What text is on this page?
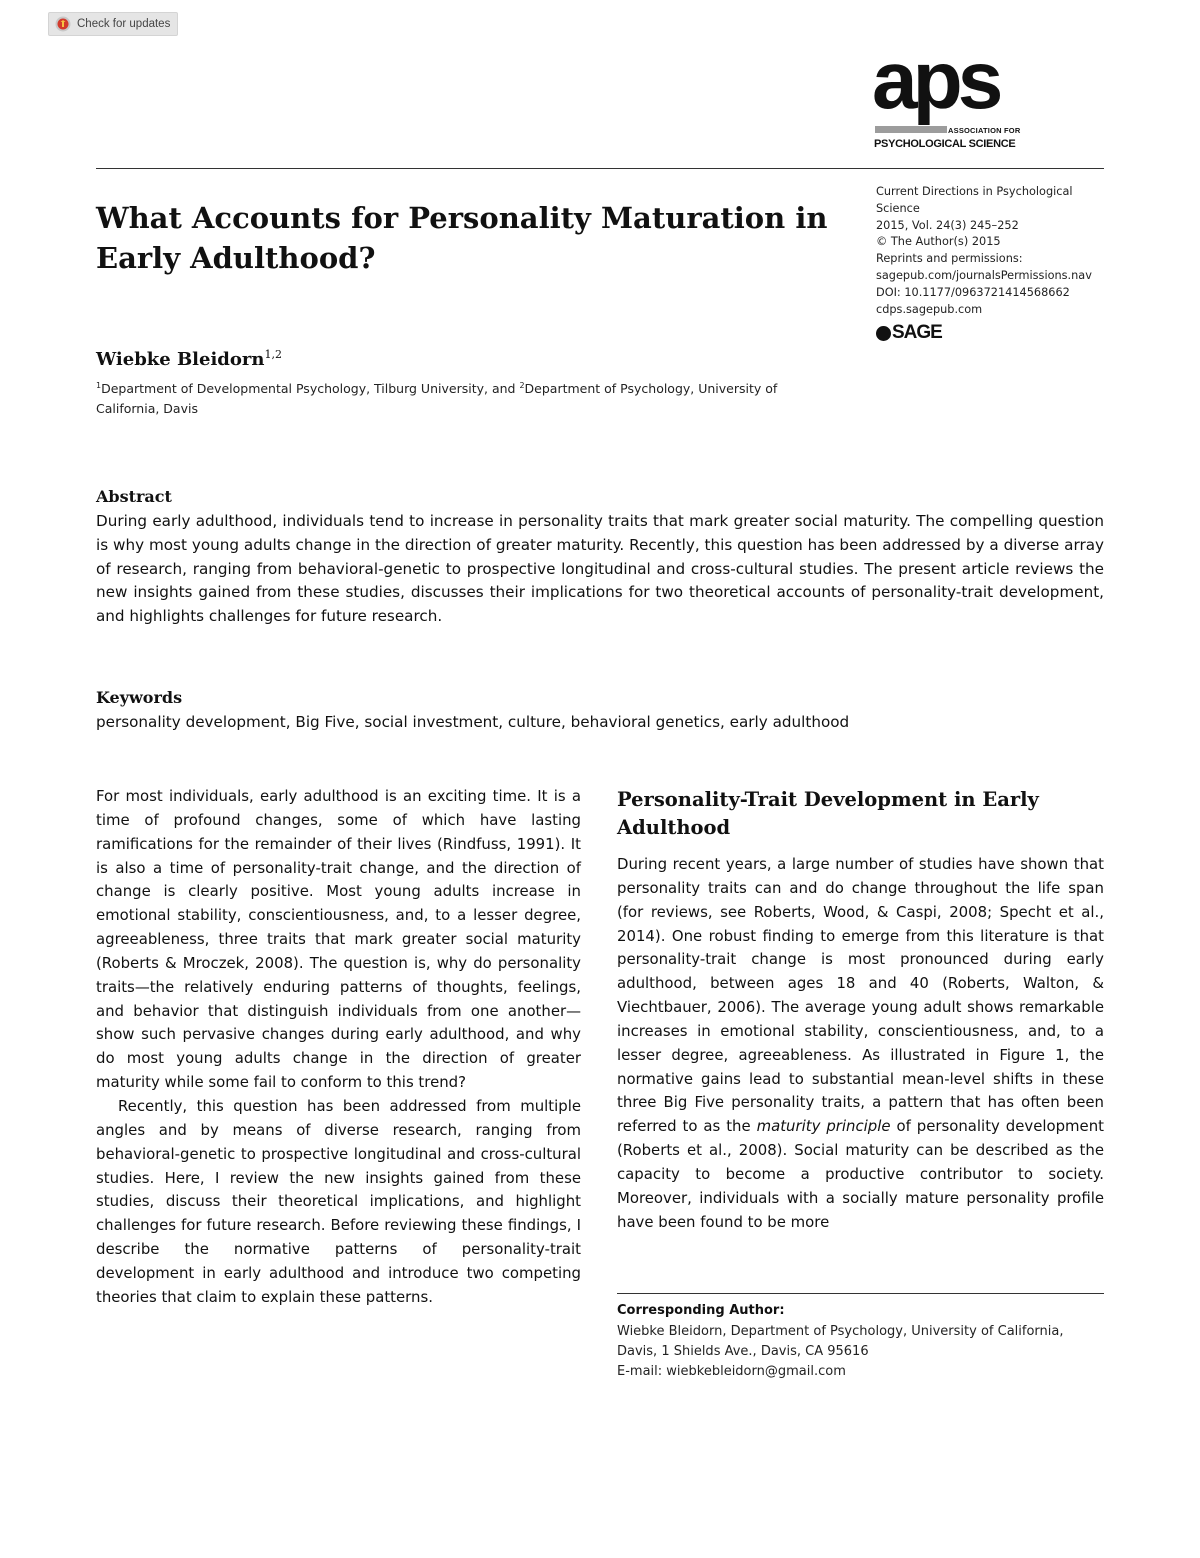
Check for updates
aps
ASSOCIATION FOR
PSYCHOLOGICAL SCIENCE
What Accounts for Personality Maturation in Early Adulthood?
Current Directions in Psychological Science
2015, Vol. 24(3) 245–252
© The Author(s) 2015
Reprints and permissions:
sagepub.com/journalsPermissions.nav
DOI: 10.1177/0963721414568662
cdps.sagepub.com
SAGE
Wiebke Bleidorn$^{1,2}$
$^1$Department of Developmental Psychology, Tilburg University, and $^2$Department of Psychology, University of California, Davis
Abstract
During early adulthood, individuals tend to increase in personality traits that mark greater social maturity. The compelling question is why most young adults change in the direction of greater maturity. Recently, this question has been addressed by a diverse array of research, ranging from behavioral-genetic to prospective longitudinal and cross-cultural studies. The present article reviews the new insights gained from these studies, discusses their implications for two theoretical accounts of personality-trait development, and highlights challenges for future research.
Keywords
personality development, Big Five, social investment, culture, behavioral genetics, early adulthood

For most individuals, early adulthood is an exciting time. It is a time of profound changes, some of which have lasting ramifications for the remainder of their lives (Rindfuss, 1991). It is also a time of personality-trait change, and the direction of change is clearly positive. Most young adults increase in emotional stability, conscientiousness, and, to a lesser degree, agreeableness, three traits that mark greater social maturity (Roberts & Mroczek, 2008). The question is, why do personality traits—the relatively enduring patterns of thoughts, feelings, and behavior that distinguish individuals from one another—show such pervasive changes during early adulthood, and why do most young adults change in the direction of greater maturity while some fail to conform to this trend?

Recently, this question has been addressed from multiple angles and by means of diverse research, ranging from behavioral-genetic to prospective longitudinal and cross-cultural studies. Here, I review the new insights gained from these studies, discuss their theoretical implications, and highlight challenges for future research. Before reviewing these findings, I describe the normative patterns of personality-trait development in early adulthood and introduce two competing theories that claim to explain these patterns.

Personality-Trait Development in Early Adulthood

During recent years, a large number of studies have shown that personality traits can and do change throughout the life span (for reviews, see Roberts, Wood, & Caspi, 2008; Specht et al., 2014). One robust finding to emerge from this literature is that personality-trait change is most pronounced during early adulthood, between ages 18 and 40 (Roberts, Walton, & Viechtbauer, 2006). The average young adult shows remarkable increases in emotional stability, conscientiousness, and, to a lesser degree, agreeableness. As illustrated in Figure 1, the normative gains lead to substantial mean-level shifts in these three Big Five personality traits, a pattern that has often been referred to as the maturity principle of personality development (Roberts et al., 2008). Social maturity can be described as the capacity to become a productive contributor to society. Moreover, individuals with a socially mature personality profile have been found to be more

Corresponding Author:
Wiebke Bleidorn, Department of Psychology, University of California,
Davis, 1 Shields Ave., Davis, CA 95616
E-mail: wiebkebleidorn@gmail.com
